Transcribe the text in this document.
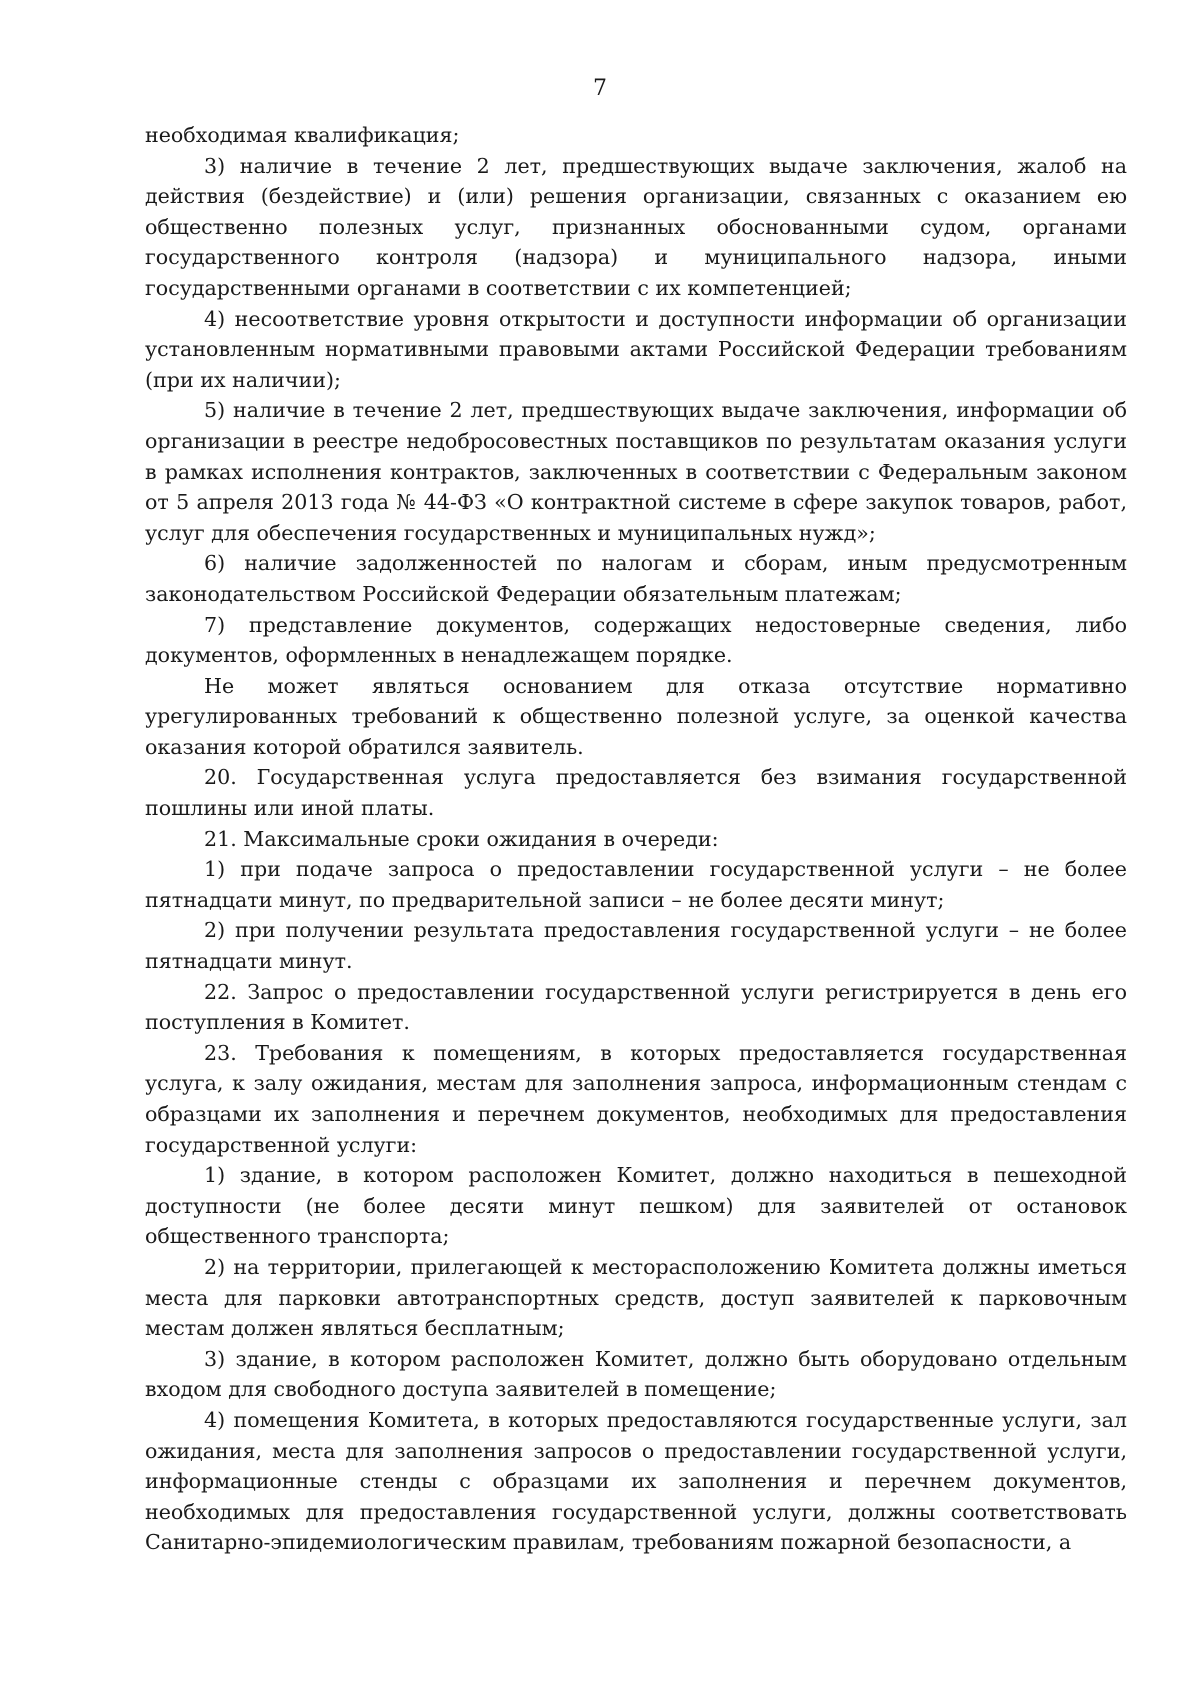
7

необходимая квалификация;

3) наличие в течение 2 лет, предшествующих выдаче заключения, жалоб на действия (бездействие) и (или) решения организации, связанных с оказанием ею общественно полезных услуг, признанных обоснованными судом, органами государственного контроля (надзора) и муниципального надзора, иными государственными органами в соответствии с их компетенцией;

4) несоответствие уровня открытости и доступности информации об организации установленным нормативными правовыми актами Российской Федерации требованиям (при их наличии);

5) наличие в течение 2 лет, предшествующих выдаче заключения, информации об организации в реестре недобросовестных поставщиков по результатам оказания услуги в рамках исполнения контрактов, заключенных в соответствии с Федеральным законом от 5 апреля 2013 года № 44-ФЗ «О контрактной системе в сфере закупок товаров, работ, услуг для обеспечения государственных и муниципальных нужд»;

6) наличие задолженностей по налогам и сборам, иным предусмотренным законодательством Российской Федерации обязательным платежам;

7) представление документов, содержащих недостоверные сведения, либо документов, оформленных в ненадлежащем порядке.

Не может являться основанием для отказа отсутствие нормативно урегулированных требований к общественно полезной услуге, за оценкой качества оказания которой обратился заявитель.

20. Государственная услуга предоставляется без взимания государственной пошлины или иной платы.

21. Максимальные сроки ожидания в очереди:

1) при подаче запроса о предоставлении государственной услуги – не более пятнадцати минут, по предварительной записи – не более десяти минут;

2) при получении результата предоставления государственной услуги – не более пятнадцати минут.

22. Запрос о предоставлении государственной услуги регистрируется в день его поступления в Комитет.

23. Требования к помещениям, в которых предоставляется государственная услуга, к залу ожидания, местам для заполнения запроса, информационным стендам с образцами их заполнения и перечнем документов, необходимых для предоставления государственной услуги:

1) здание, в котором расположен Комитет, должно находиться в пешеходной доступности (не более десяти минут пешком) для заявителей от остановок общественного транспорта;

2) на территории, прилегающей к месторасположению Комитета должны иметься места для парковки автотранспортных средств, доступ заявителей к парковочным местам должен являться бесплатным;

3) здание, в котором расположен Комитет, должно быть оборудовано отдельным входом для свободного доступа заявителей в помещение;

4) помещения Комитета, в которых предоставляются государственные услуги, зал ожидания, места для заполнения запросов о предоставлении государственной услуги, информационные стенды с образцами их заполнения и перечнем документов, необходимых для предоставления государственной услуги, должны соответствовать Санитарно-эпидемиологическим правилам, требованиям пожарной безопасности, а
